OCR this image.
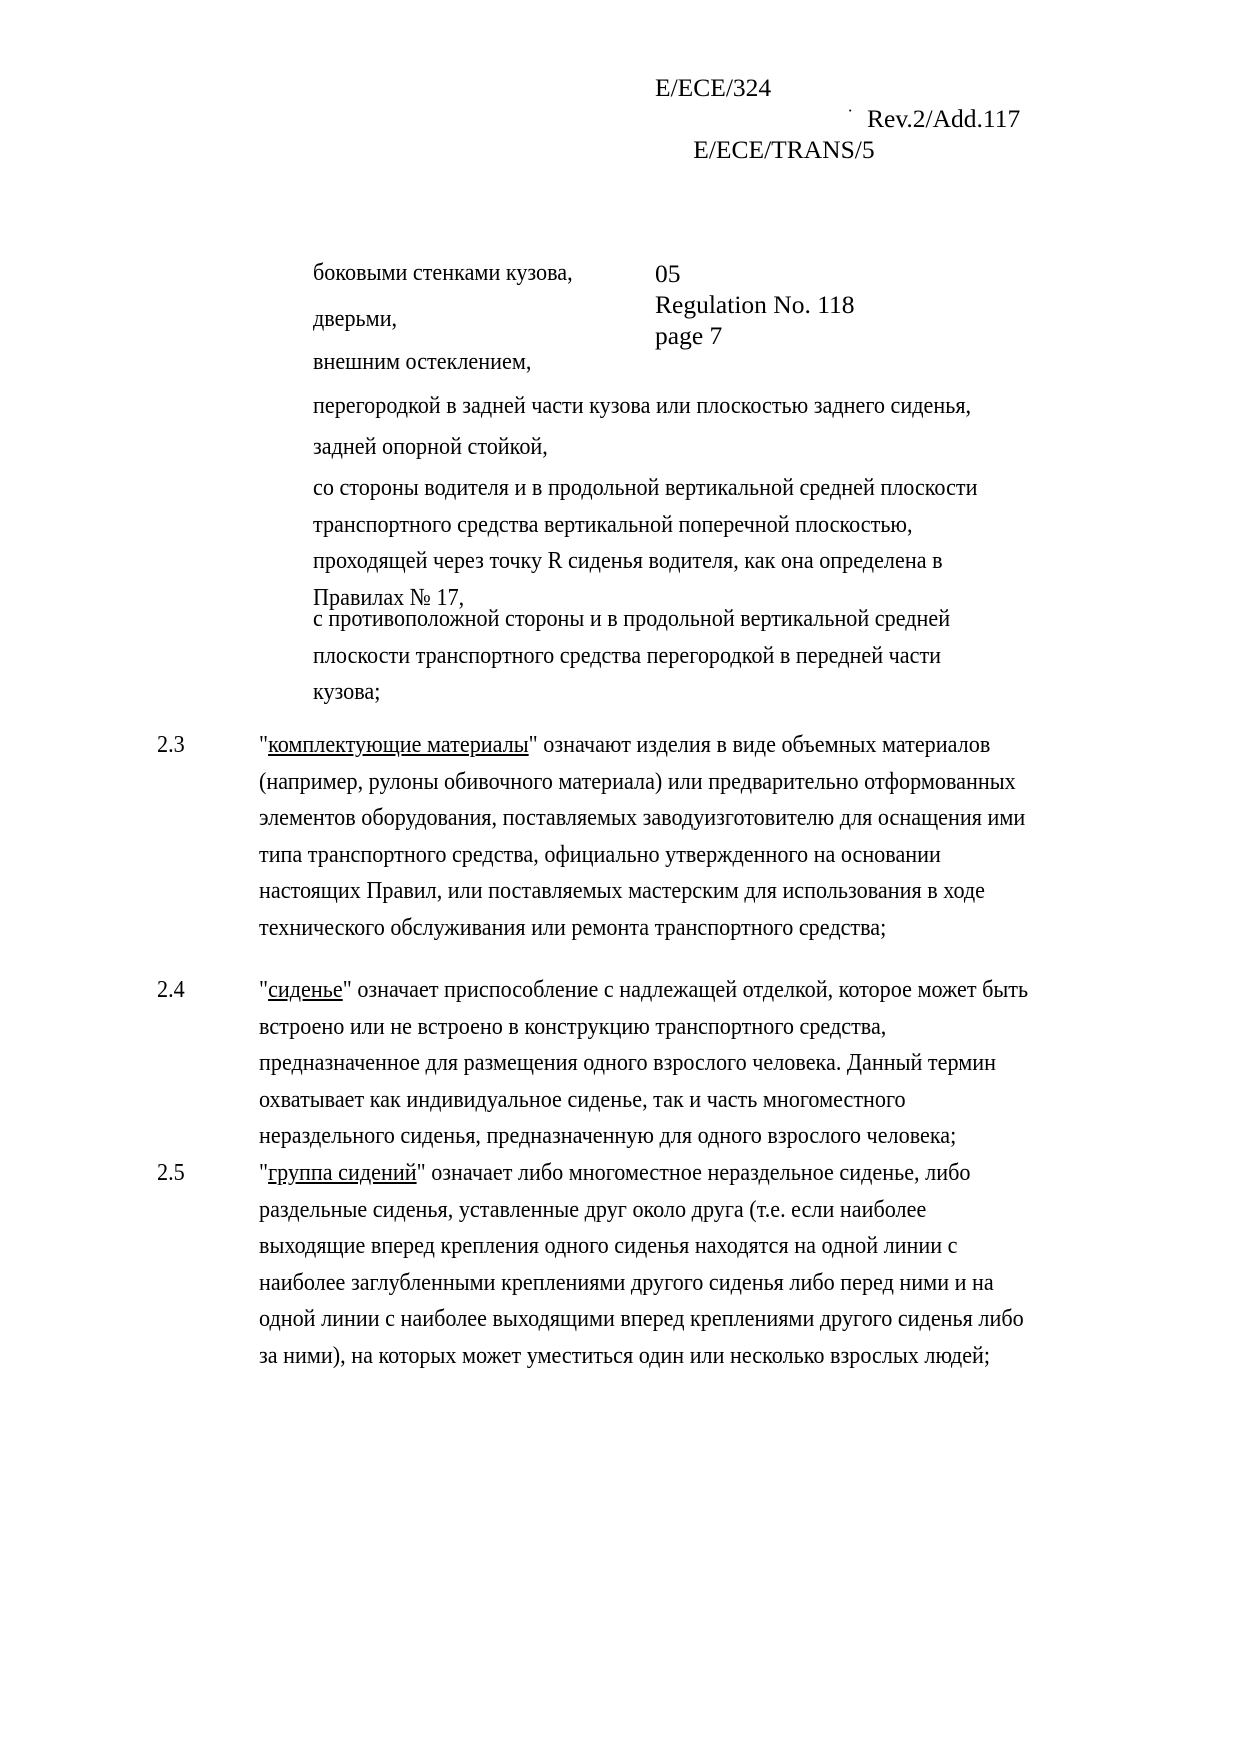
E/ECE/324

E/ECE/TRANS/5

˙

Rev.2/Add.117

05
Regulation No. 118
page 7
боковыми стенками кузова,
дверьми,
внешним остеклением,
перегородкой в задней части кузова или плоскостью заднего сиденья,
задней опорной стойкой,
со стороны водителя и в продольной вертикальной средней плоскости транспортного средства вертикальной поперечной плоскостью, проходящей через точку R сиденья водителя, как она определена в Правилах № 17,
с противоположной стороны и в продольной вертикальной средней плоскости транспортного средства перегородкой в передней части кузова;
2.3	"комплектующие материалы" означают изделия в виде объемных материалов (например, рулоны обивочного материала) или предварительно отформованных элементов оборудования, поставляемых заводуизготовителю для оснащения ими типа транспортного средства, официально утвержденного на основании настоящих Правил, или поставляемых мастерским для использования в ходе технического обслуживания или ремонта транспортного средства;
2.4	"сиденье" означает приспособление с надлежащей отделкой, которое может быть встроено или не встроено в конструкцию транспортного средства, предназначенное для размещения одного взрослого человека. Данный термин охватывает как индивидуальное сиденье, так и часть многоместного нераздельного сиденья, предназначенную для одного взрослого человека;
2.5	"группа сидений" означает либо многоместное нераздельное сиденье, либо раздельные сиденья, уставленные друг около друга (т.е. если наиболее выходящие вперед крепления одного сиденья находятся на одной линии с наиболее заглубленными креплениями другого сиденья либо перед ними и на одной линии с наиболее выходящими вперед креплениями другого сиденья либо за ними), на которых может уместиться один или несколько взрослых людей;
